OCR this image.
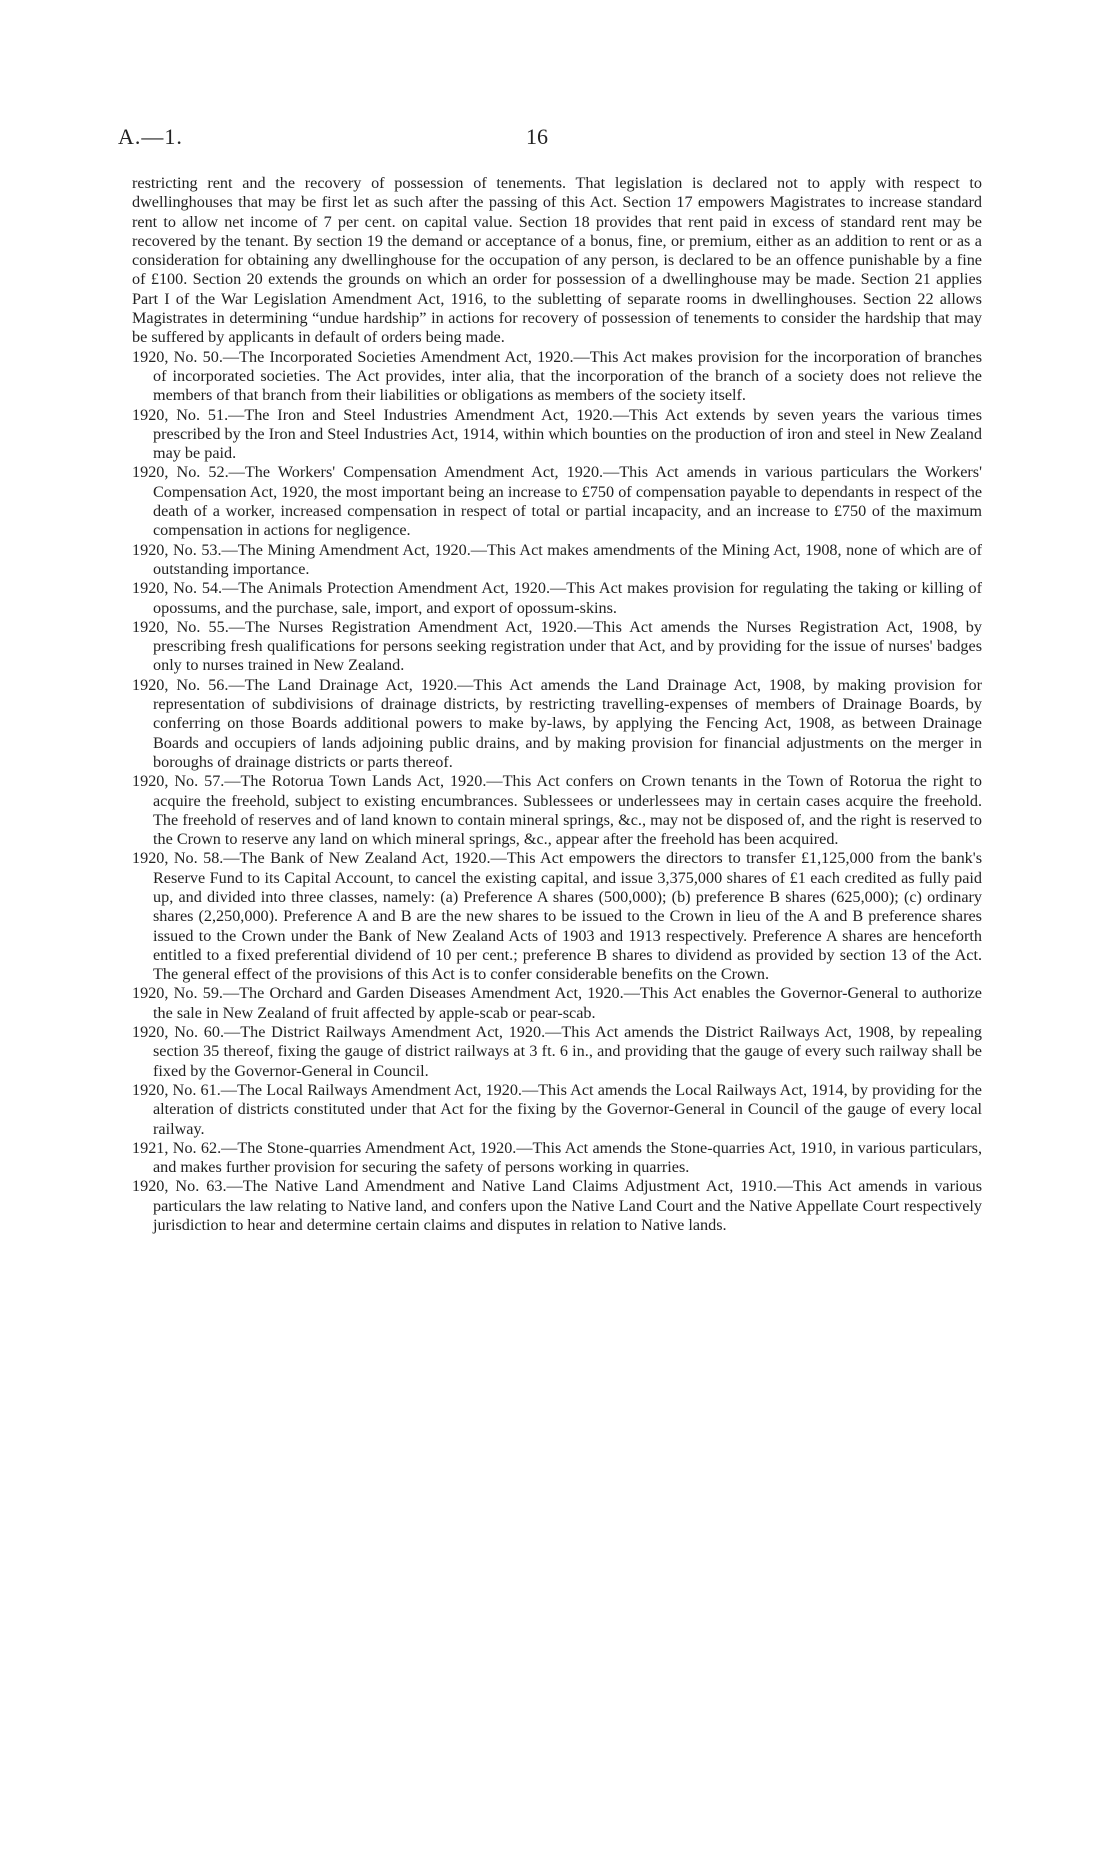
A.—1.	16

restricting rent and the recovery of possession of tenements. That legislation is declared not to apply with respect to dwellinghouses that may be first let as such after the passing of this Act. Section 17 empowers Magistrates to increase standard rent to allow net income of 7 per cent. on capital value. Section 18 provides that rent paid in excess of standard rent may be recovered by the tenant. By section 19 the demand or acceptance of a bonus, fine, or premium, either as an addition to rent or as a consideration for obtaining any dwellinghouse for the occupation of any person, is declared to be an offence punishable by a fine of £100. Section 20 extends the grounds on which an order for possession of a dwellinghouse may be made. Section 21 applies Part I of the War Legislation Amendment Act, 1916, to the subletting of separate rooms in dwellinghouses. Section 22 allows Magistrates in determining “undue hardship” in actions for recovery of possession of tenements to consider the hardship that may be suffered by applicants in default of orders being made.

1920, No. 50.—The Incorporated Societies Amendment Act, 1920.—This Act makes provision for the incorporation of branches of incorporated societies. The Act provides, inter alia, that the incorporation of the branch of a society does not relieve the members of that branch from their liabilities or obligations as members of the society itself.

1920, No. 51.—The Iron and Steel Industries Amendment Act, 1920.—This Act extends by seven years the various times prescribed by the Iron and Steel Industries Act, 1914, within which bounties on the production of iron and steel in New Zealand may be paid.

1920, No. 52.—The Workers' Compensation Amendment Act, 1920.—This Act amends in various particulars the Workers' Compensation Act, 1920, the most important being an increase to £750 of compensation payable to dependants in respect of the death of a worker, increased compensation in respect of total or partial incapacity, and an increase to £750 of the maximum compensation in actions for negligence.

1920, No. 53.—The Mining Amendment Act, 1920.—This Act makes amendments of the Mining Act, 1908, none of which are of outstanding importance.

1920, No. 54.—The Animals Protection Amendment Act, 1920.—This Act makes provision for regulating the taking or killing of opossums, and the purchase, sale, import, and export of opossum-skins.

1920, No. 55.—The Nurses Registration Amendment Act, 1920.—This Act amends the Nurses Registration Act, 1908, by prescribing fresh qualifications for persons seeking registration under that Act, and by providing for the issue of nurses' badges only to nurses trained in New Zealand.

1920, No. 56.—The Land Drainage Act, 1920.—This Act amends the Land Drainage Act, 1908, by making provision for representation of subdivisions of drainage districts, by restricting travelling-expenses of members of Drainage Boards, by conferring on those Boards additional powers to make by-laws, by applying the Fencing Act, 1908, as between Drainage Boards and occupiers of lands adjoining public drains, and by making provision for financial adjustments on the merger in boroughs of drainage districts or parts thereof.

1920, No. 57.—The Rotorua Town Lands Act, 1920.—This Act confers on Crown tenants in the Town of Rotorua the right to acquire the freehold, subject to existing encumbrances. Sublessees or underlessees may in certain cases acquire the freehold. The freehold of reserves and of land known to contain mineral springs, &c., may not be disposed of, and the right is reserved to the Crown to reserve any land on which mineral springs, &c., appear after the freehold has been acquired.

1920, No. 58.—The Bank of New Zealand Act, 1920.—This Act empowers the directors to transfer £1,125,000 from the bank's Reserve Fund to its Capital Account, to cancel the existing capital, and issue 3,375,000 shares of £1 each credited as fully paid up, and divided into three classes, namely: (a) Preference A shares (500,000); (b) preference B shares (625,000); (c) ordinary shares (2,250,000). Preference A and B are the new shares to be issued to the Crown in lieu of the A and B preference shares issued to the Crown under the Bank of New Zealand Acts of 1903 and 1913 respectively. Preference A shares are henceforth entitled to a fixed preferential dividend of 10 per cent.; preference B shares to dividend as provided by section 13 of the Act. The general effect of the provisions of this Act is to confer considerable benefits on the Crown.

1920, No. 59.—The Orchard and Garden Diseases Amendment Act, 1920.—This Act enables the Governor-General to authorize the sale in New Zealand of fruit affected by apple-scab or pear-scab.

1920, No. 60.—The District Railways Amendment Act, 1920.—This Act amends the District Railways Act, 1908, by repealing section 35 thereof, fixing the gauge of district railways at 3 ft. 6 in., and providing that the gauge of every such railway shall be fixed by the Governor-General in Council.

1920, No. 61.—The Local Railways Amendment Act, 1920.—This Act amends the Local Railways Act, 1914, by providing for the alteration of districts constituted under that Act for the fixing by the Governor-General in Council of the gauge of every local railway.

1921, No. 62.—The Stone-quarries Amendment Act, 1920.—This Act amends the Stone-quarries Act, 1910, in various particulars, and makes further provision for securing the safety of persons working in quarries.

1920, No. 63.—The Native Land Amendment and Native Land Claims Adjustment Act, 1910.—This Act amends in various particulars the law relating to Native land, and confers upon the Native Land Court and the Native Appellate Court respectively jurisdiction to hear and determine certain claims and disputes in relation to Native lands.
